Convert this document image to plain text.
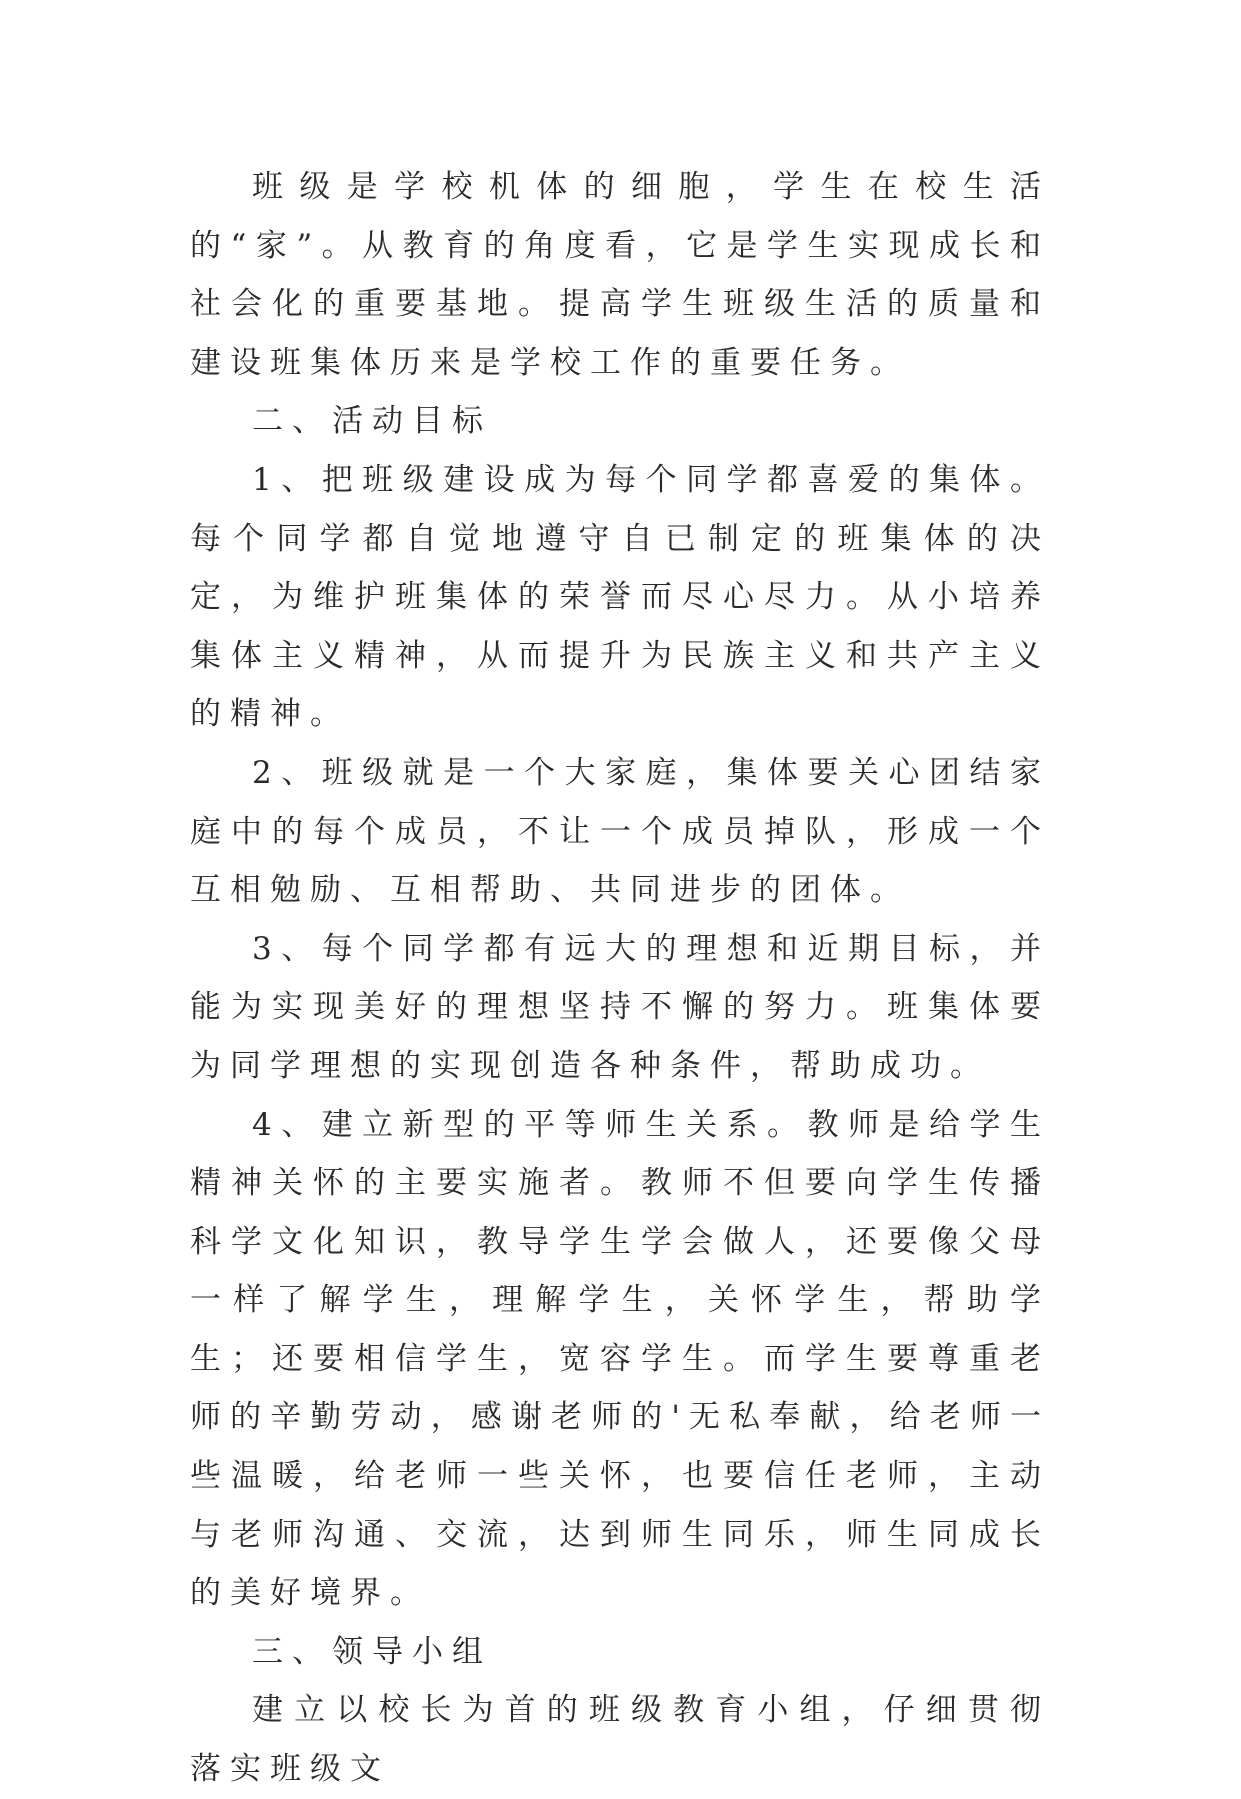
班级是学校机体的细胞，学生在校生活的“家”。从教育的角度看，它是学生实现成长和社会化的重要基地。提高学生班级生活的质量和建设班集体历来是学校工作的重要任务。

二、活动目标

1、把班级建设成为每个同学都喜爱的集体。每个同学都自觉地遵守自已制定的班集体的决定，为维护班集体的荣誉而尽心尽力。从小培养集体主义精神，从而提升为民族主义和共产主义的精神。

2、班级就是一个大家庭，集体要关心团结家庭中的每个成员，不让一个成员掉队，形成一个互相勉励、互相帮助、共同进步的团体。

3、每个同学都有远大的理想和近期目标，并能为实现美好的理想坚持不懈的努力。班集体要为同学理想的实现创造各种条件，帮助成功。

4、建立新型的平等师生关系。教师是给学生精神关怀的主要实施者。教师不但要向学生传播科学文化知识，教导学生学会做人，还要像父母一样了解学生，理解学生，关怀学生，帮助学生；还要相信学生，宽容学生。而学生要尊重老师的辛勤劳动，感谢老师的'无私奉献，给老师一些温暖，给老师一些关怀，也要信任老师，主动与老师沟通、交流，达到师生同乐，师生同成长的美好境界。

三、领导小组

建立以校长为首的班级教育小组，仔细贯彻落实班级文
